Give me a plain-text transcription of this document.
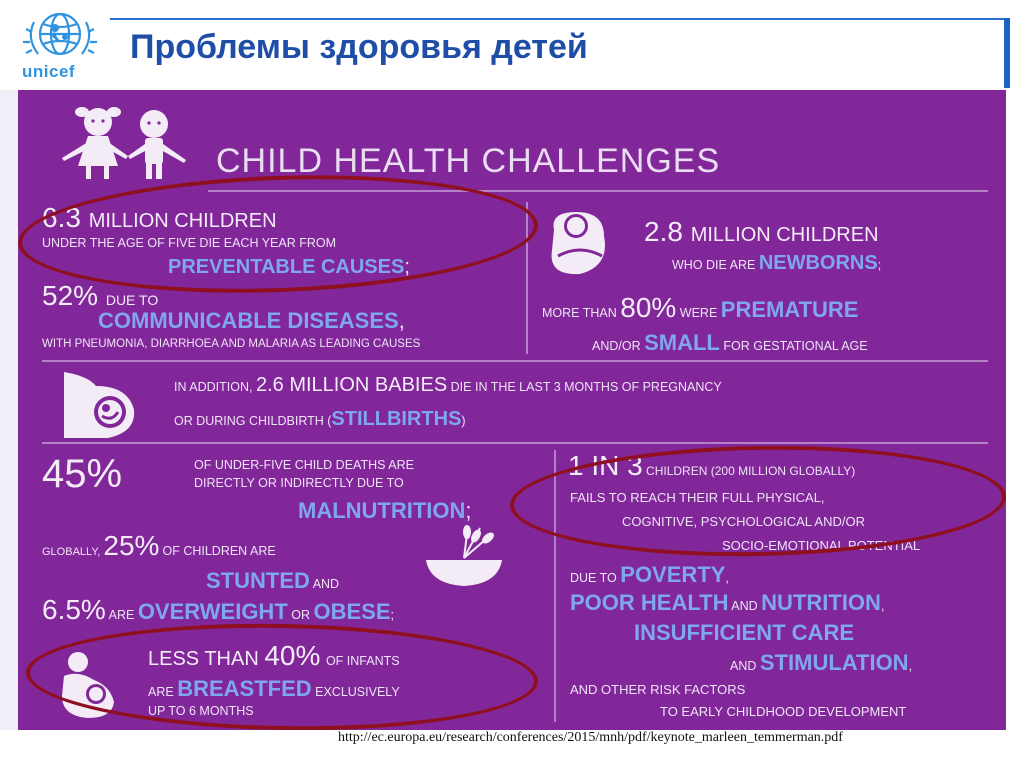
unicef
Проблемы здоровья детей
CHILD HEALTH CHALLENGES
6.3 MILLION CHILDREN
UNDER THE AGE OF FIVE DIE EACH YEAR FROM
PREVENTABLE CAUSES;
52% DUE TO
COMMUNICABLE DISEASES,
WITH PNEUMONIA, DIARRHOEA AND MALARIA AS LEADING CAUSES
2.8 MILLION CHILDREN
WHO DIE ARE NEWBORNS;
MORE THAN 80% WERE PREMATURE
AND/OR SMALL FOR GESTATIONAL AGE
IN ADDITION, 2.6 MILLION BABIES DIE IN THE LAST 3 MONTHS OF PREGNANCY
OR DURING CHILDBIRTH (STILLBIRTHS)
45%	OF UNDER-FIVE CHILD DEATHS ARE
DIRECTLY OR INDIRECTLY DUE TO
MALNUTRITION;
GLOBALLY, 25% OF CHILDREN ARE
STUNTED AND
6.5% ARE OVERWEIGHT OR OBESE;
LESS THAN 40% OF INFANTS
ARE BREASTFED EXCLUSIVELY
UP TO 6 MONTHS
1 IN 3 CHILDREN (200 MILLION GLOBALLY)
FAILS TO REACH THEIR FULL PHYSICAL,
COGNITIVE, PSYCHOLOGICAL AND/OR
SOCIO-EMOTIONAL POTENTIAL
DUE TO POVERTY,
POOR HEALTH AND NUTRITION,
INSUFFICIENT CARE
AND STIMULATION,
AND OTHER RISK FACTORS
TO EARLY CHILDHOOD DEVELOPMENT
http://ec.europa.eu/research/conferences/2015/mnh/pdf/keynote_marleen_temmerman.pdf
